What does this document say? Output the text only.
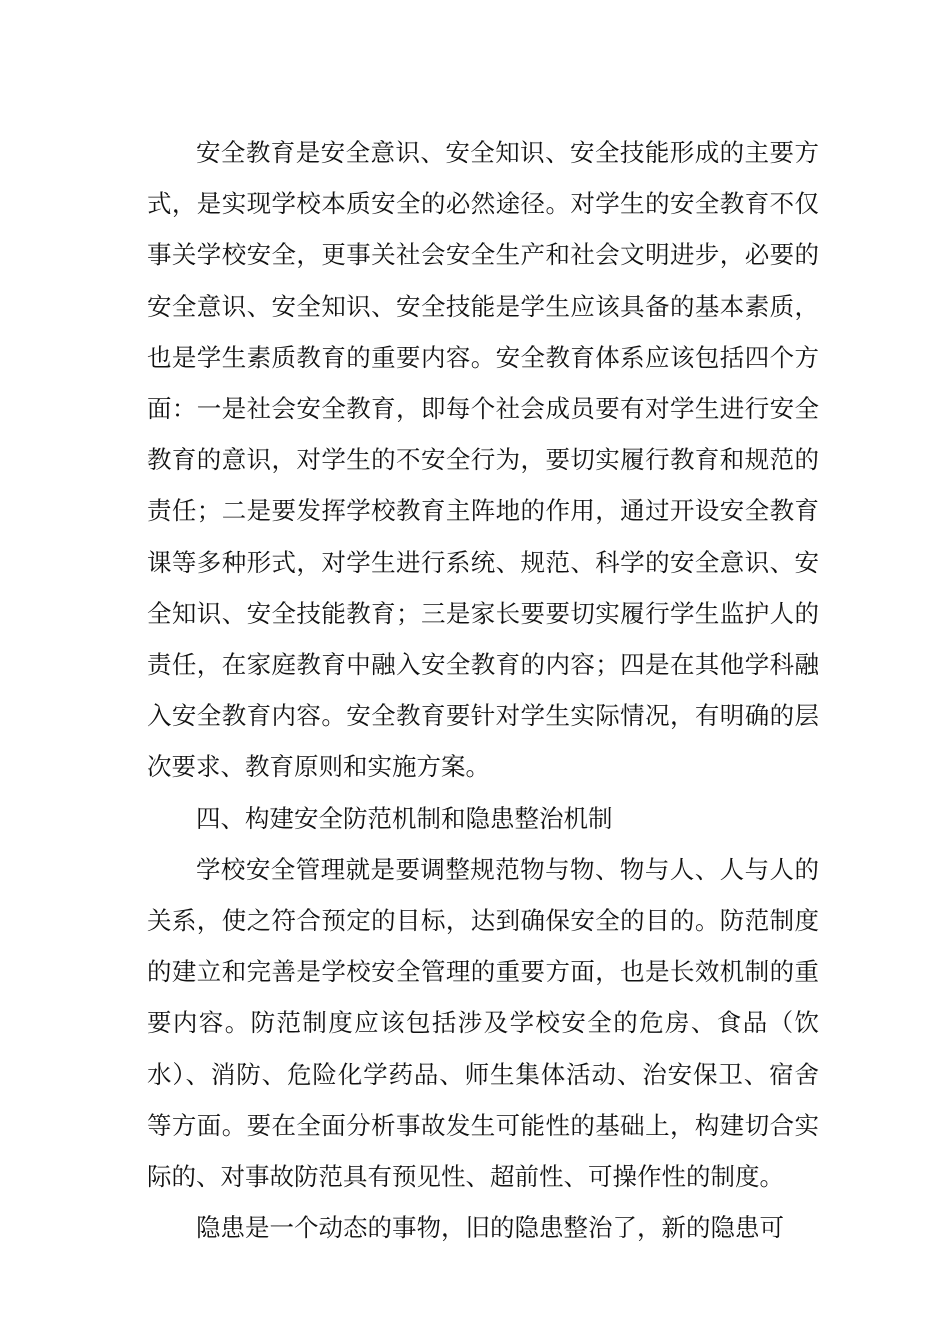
安全教育是安全意识、安全知识、安全技能形成的主要方式，是实现学校本质安全的必然途径。对学生的安全教育不仅事关学校安全，更事关社会安全生产和社会文明进步，必要的安全意识、安全知识、安全技能是学生应该具备的基本素质，也是学生素质教育的重要内容。安全教育体系应该包括四个方面：一是社会安全教育，即每个社会成员要有对学生进行安全教育的意识，对学生的不安全行为，要切实履行教育和规范的责任；二是要发挥学校教育主阵地的作用，通过开设安全教育课等多种形式，对学生进行系统、规范、科学的安全意识、安全知识、安全技能教育；三是家长要要切实履行学生监护人的责任，在家庭教育中融入安全教育的内容；四是在其他学科融入安全教育内容。安全教育要针对学生实际情况，有明确的层次要求、教育原则和实施方案。

四、构建安全防范机制和隐患整治机制

学校安全管理就是要调整规范物与物、物与人、人与人的关系，使之符合预定的目标，达到确保安全的目的。防范制度的建立和完善是学校安全管理的重要方面，也是长效机制的重要内容。防范制度应该包括涉及学校安全的危房、食品（饮水）、消防、危险化学药品、师生集体活动、治安保卫、宿舍等方面。要在全面分析事故发生可能性的基础上，构建切合实际的、对事故防范具有预见性、超前性、可操作性的制度。

隐患是一个动态的事物，旧的隐患整治了，新的隐患可
